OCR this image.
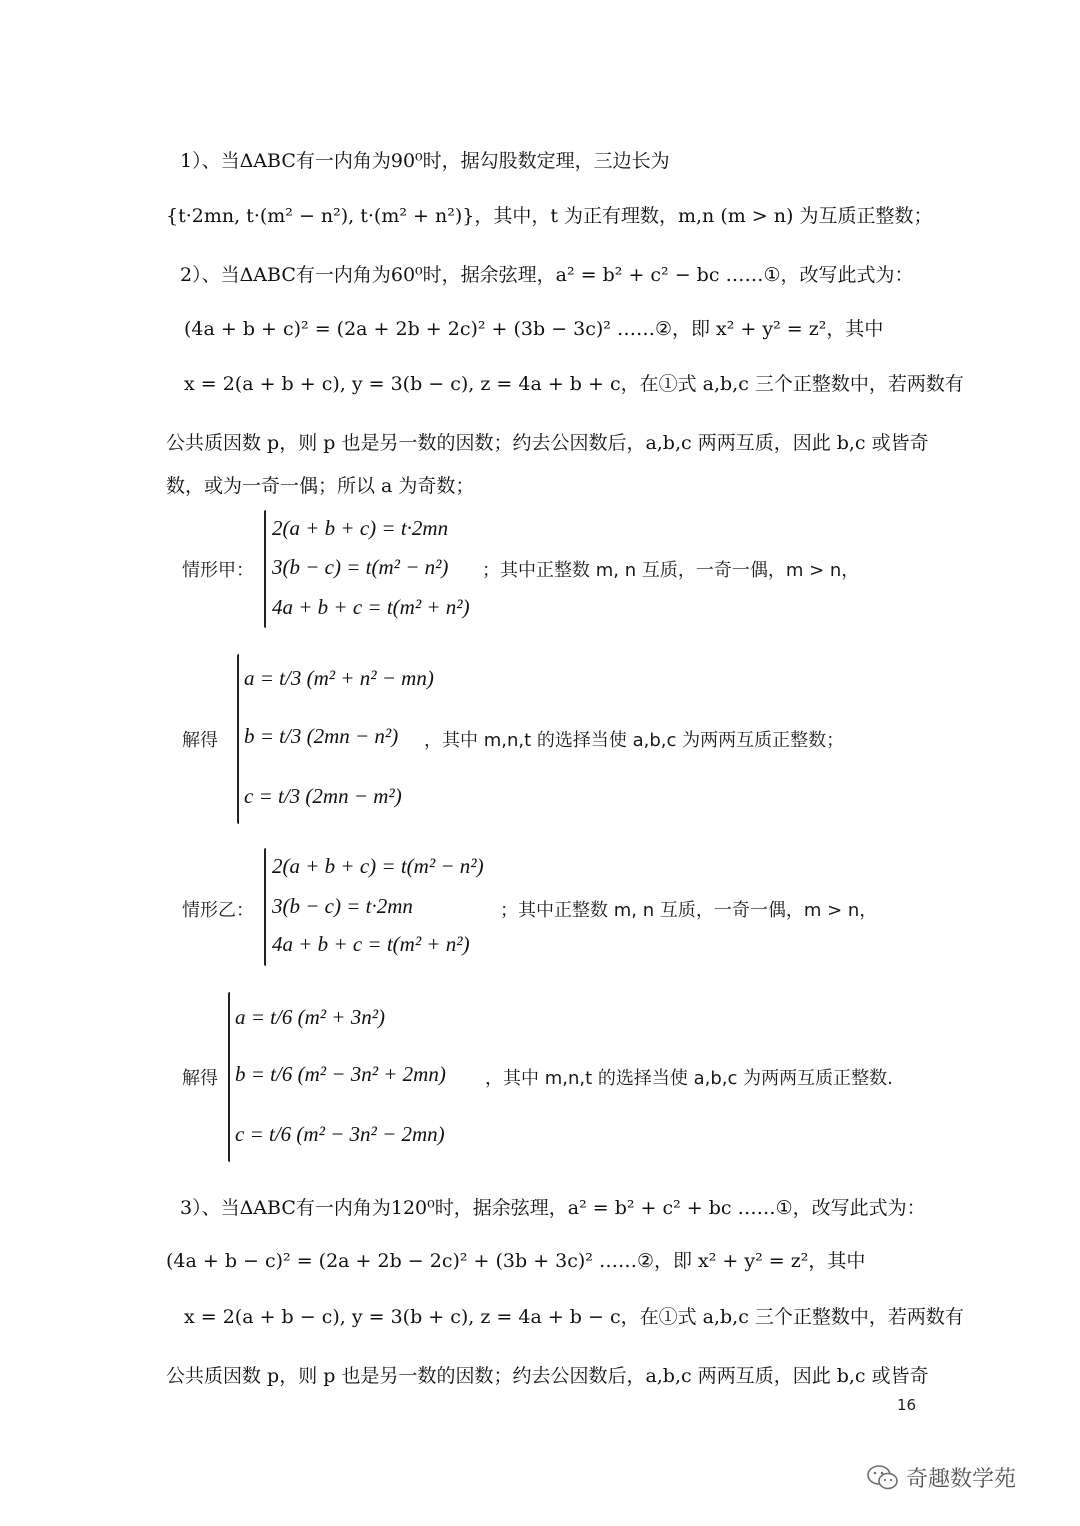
1）、当ΔABC有一内角为90⁰时，据勾股数定理，三边长为
{t·2mn, t·(m² − n²), t·(m² + n²)}，其中，t 为正有理数，m,n (m > n) 为互质正整数；
2）、当ΔABC有一内角为60⁰时，据余弦理，a² = b² + c² − bc ……①，改写此式为：
(4a + b + c)² = (2a + 2b + 2c)² + (3b − 3c)² ……②，即 x² + y² = z²，其中
x = 2(a + b + c), y = 3(b − c), z = 4a + b + c，在①式 a,b,c 三个正整数中，若两数有
公共质因数 p，则 p 也是另一数的因数；约去公因数后，a,b,c 两两互质，因此 b,c 或皆奇
数，或为一奇一偶；所以 a 为奇数；
情形甲：
2(a + b + c) = t·2mn
3(b − c) = t(m² − n²)
4a + b + c = t(m² + n²)
；其中正整数 m, n 互质，一奇一偶，m > n，
解得
a = t/3 (m² + n² − mn)
b = t/3 (2mn − n²)
c = t/3 (2mn − m²)
，其中 m,n,t 的选择当使 a,b,c 为两两互质正整数；
情形乙：
2(a + b + c) = t(m² − n²)
3(b − c) = t·2mn
4a + b + c = t(m² + n²)
；其中正整数 m, n 互质，一奇一偶，m > n，
解得
a = t/6 (m² + 3n²)
b = t/6 (m² − 3n² + 2mn)
c = t/6 (m² − 3n² − 2mn)
，其中 m,n,t 的选择当使 a,b,c 为两两互质正整数.
3）、当ΔABC有一内角为120⁰时，据余弦理，a² = b² + c² + bc ……①，改写此式为：
(4a + b − c)² = (2a + 2b − 2c)² + (3b + 3c)² ……②，即 x² + y² = z²，其中
x = 2(a + b − c), y = 3(b + c), z = 4a + b − c，在①式 a,b,c 三个正整数中，若两数有
公共质因数 p，则 p 也是另一数的因数；约去公因数后，a,b,c 两两互质，因此 b,c 或皆奇
16
奇趣数学苑
